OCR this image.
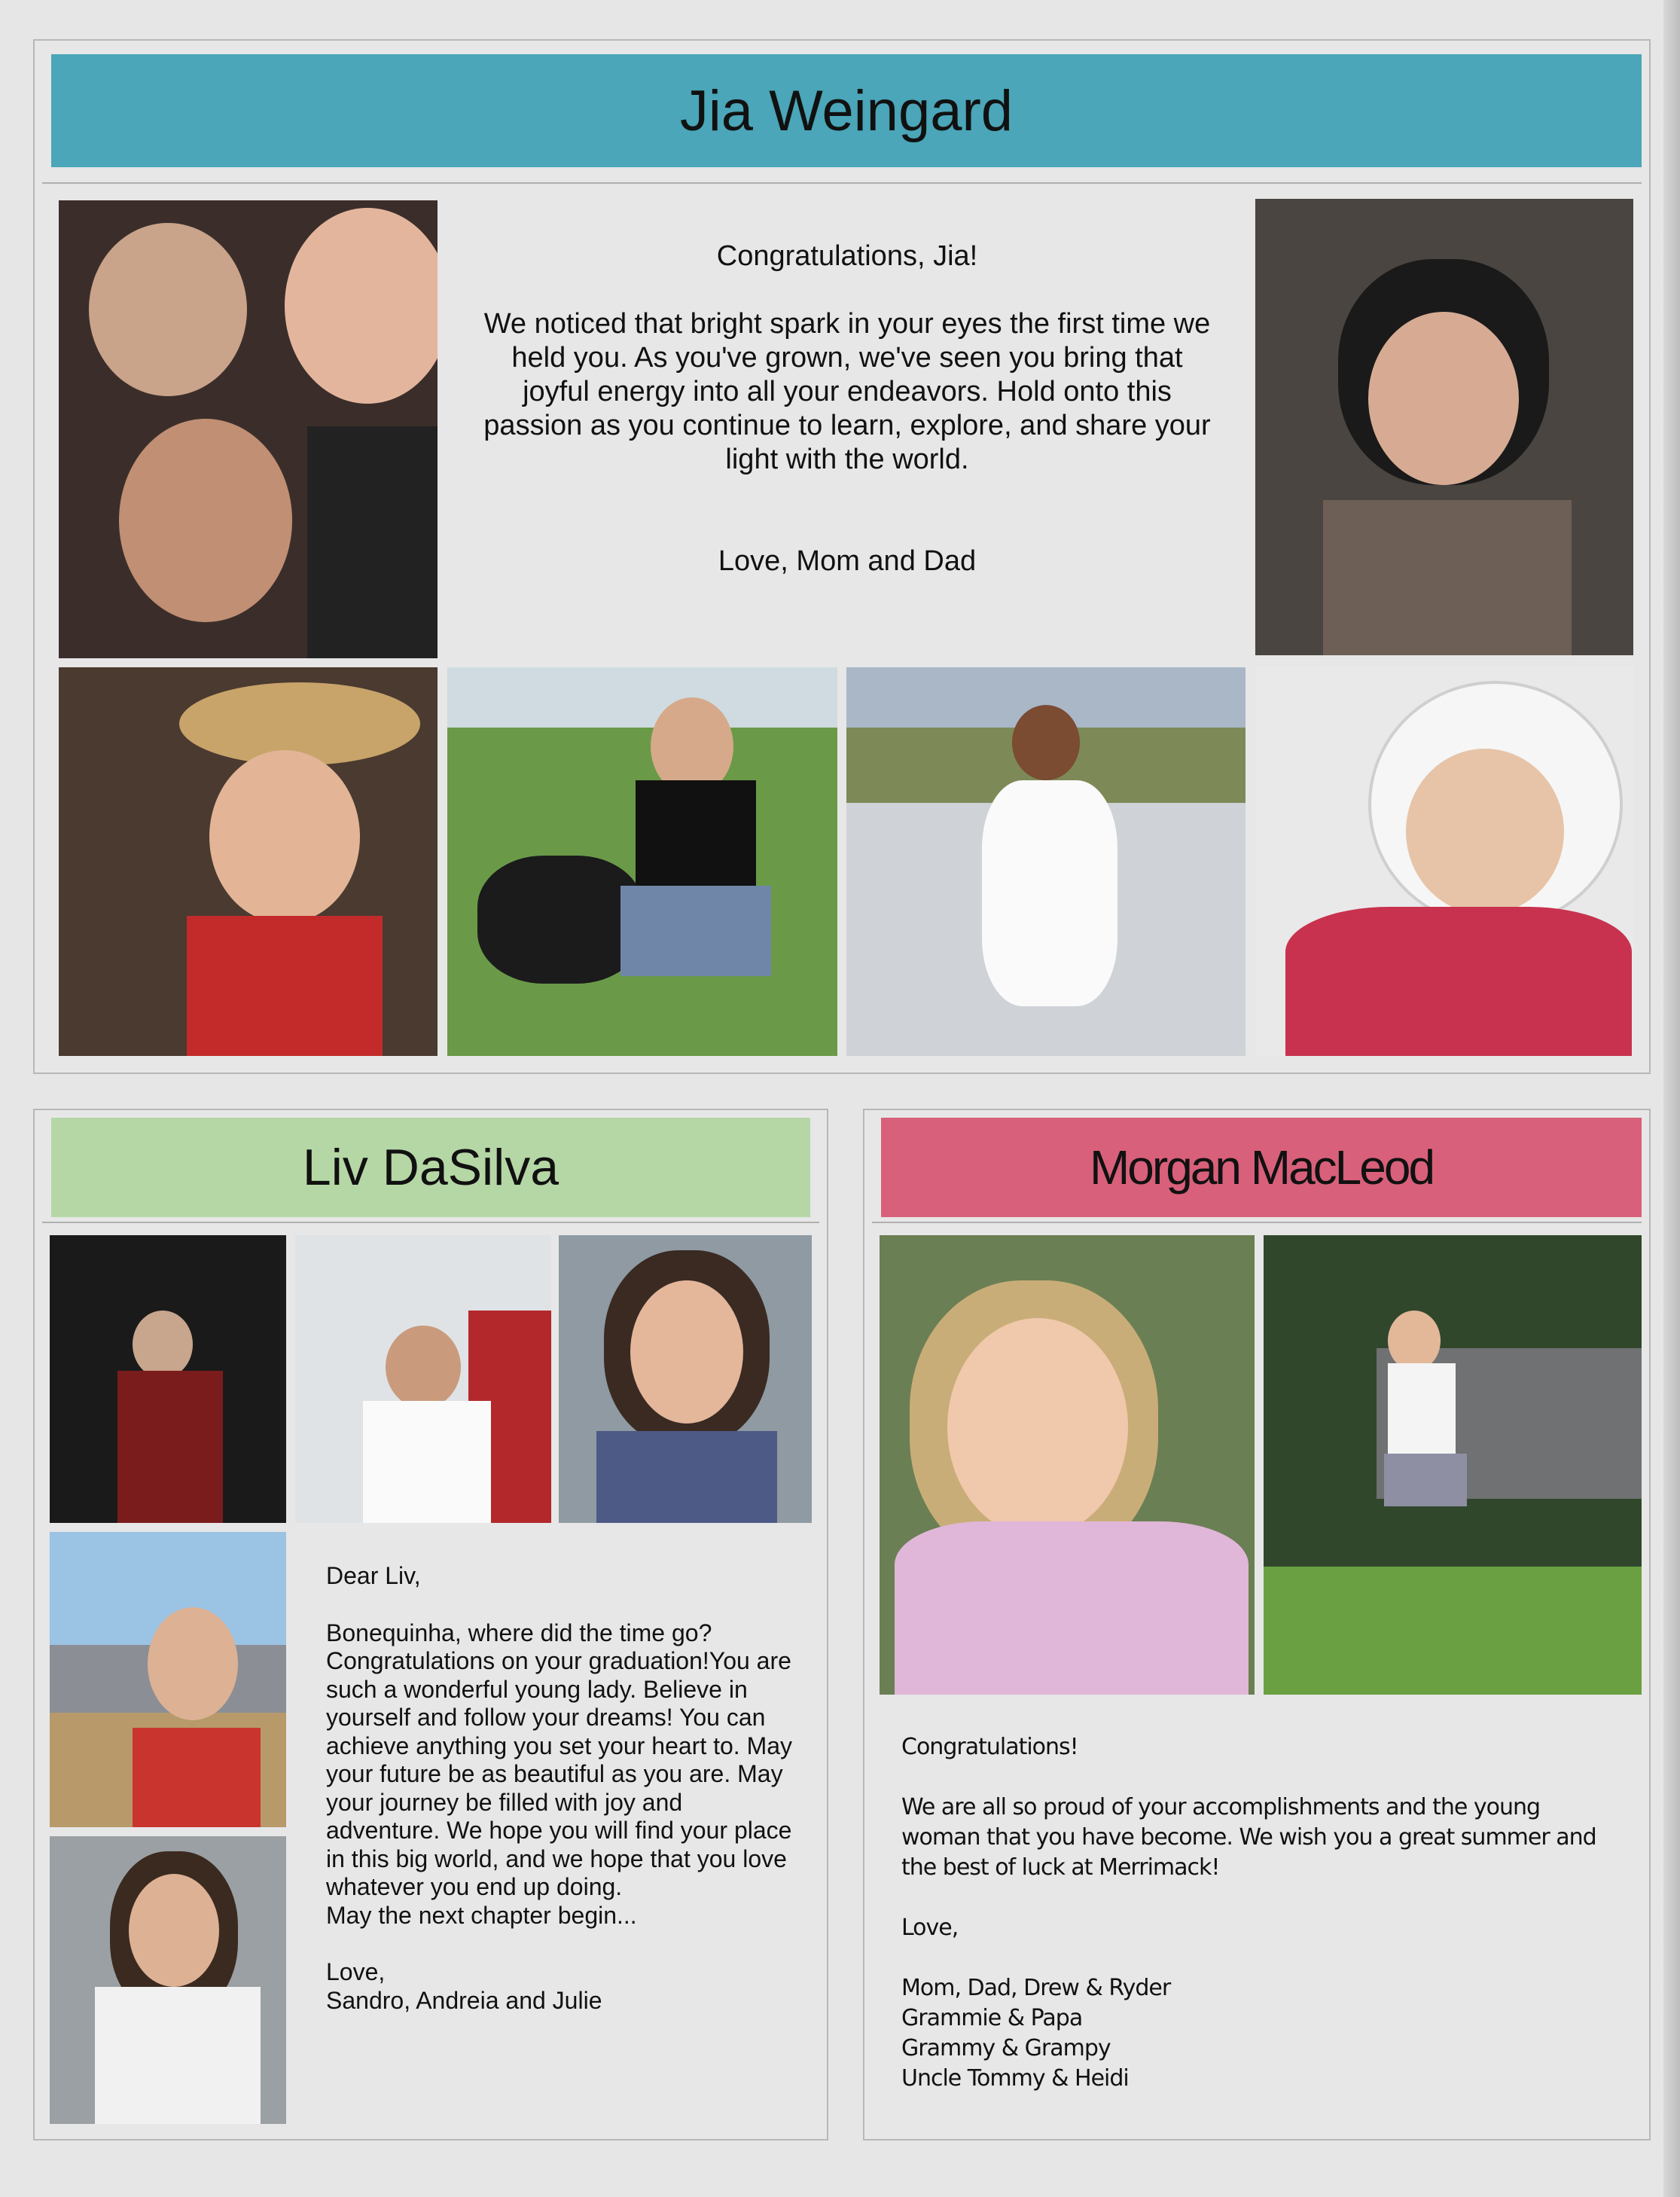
Jia Weingard

Congratulations, Jia!

We noticed that bright spark in your eyes the first time we held you. As you've grown, we've seen you bring that joyful energy into all your endeavors. Hold onto this passion as you continue to learn, explore, and share your light with the world.

Love, Mom and Dad

Liv DaSilva

Dear Liv,

Bonequinha, where did the time go? Congratulations on your graduation!You are such a wonderful young lady. Believe in yourself and follow your dreams! You can achieve anything you set your heart to. May your future be as beautiful as you are. May your journey be filled with joy and adventure. We hope you will find your place in this big world, and we hope that you love whatever you end up doing.

May the next chapter begin...

Love,

Sandro, Andreia and Julie

Morgan MacLeod

Congratulations!

We are all so proud of your accomplishments and the young woman that you have become. We wish you a great summer and the best of luck at Merrimack!

Love,

Mom, Dad, Drew & Ryder

Grammie & Papa

Grammy & Grampy

Uncle Tommy & Heidi
